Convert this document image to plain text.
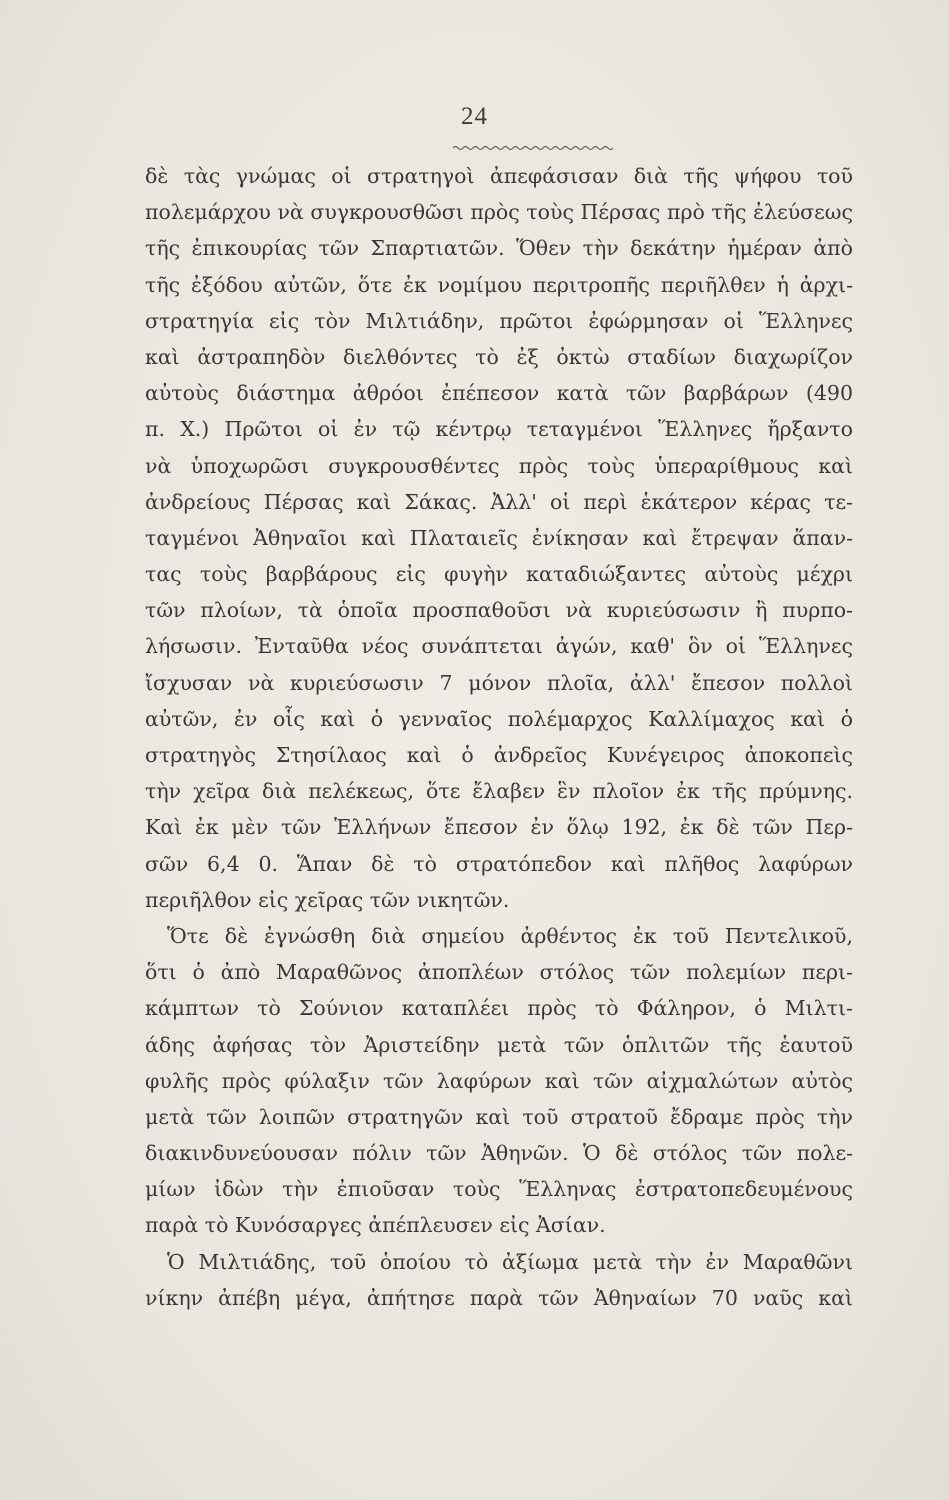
24
δὲ τὰς γνώμας οἱ στρατηγοὶ ἀπεφάσισαν διὰ τῆς ψήφου τοῦ
πολεμάρχου νὰ συγκρουσθῶσι πρὸς τοὺς Πέρσας πρὸ τῆς ἐλεύσεως
τῆς ἐπικουρίας τῶν Σπαρτιατῶν. Ὅθεν τὴν δεκάτην ἡμέραν ἀπὸ
τῆς ἐξόδου αὐτῶν, ὅτε ἐκ νομίμου περιτροπῆς περιῆλθεν ἡ ἀρχι-
στρατηγία εἰς τὸν Μιλτιάδην, πρῶτοι ἐφώρμησαν οἱ Ἕλληνες
καὶ ἀστραπηδὸν διελθόντες τὸ ἐξ ὀκτὼ σταδίων διαχωρίζον
αὐτοὺς διάστημα ἀθρόοι ἐπέπεσον κατὰ τῶν βαρβάρων (490
π. Χ.) Πρῶτοι οἱ ἐν τῷ κέντρῳ τεταγμένοι Ἕλληνες ἤρξαντο
νὰ ὑποχωρῶσι συγκρουσθέντες πρὸς τοὺς ὑπεραρίθμους καὶ
ἀνδρείους Πέρσας καὶ Σάκας. Ἀλλ' οἱ περὶ ἑκάτερον κέρας τε-
ταγμένοι Ἀθηναῖοι καὶ Πλαταιεῖς ἐνίκησαν καὶ ἔτρεψαν ἅπαν-
τας τοὺς βαρβάρους εἰς φυγὴν καταδιώξαντες αὐτοὺς μέχρι
τῶν πλοίων, τὰ ὁποῖα προσπαθοῦσι νὰ κυριεύσωσιν ἢ πυρπο-
λήσωσιν. Ἐνταῦθα νέος συνάπτεται ἀγών, καθ' ὃν οἱ Ἕλληνες
ἴσχυσαν νὰ κυριεύσωσιν 7 μόνον πλοῖα, ἀλλ' ἔπεσον πολλοὶ
αὐτῶν, ἐν οἷς καὶ ὁ γενναῖος πολέμαρχος Καλλίμαχος καὶ ὁ
στρατηγὸς Στησίλαος καὶ ὁ ἀνδρεῖος Κυνέγειρος ἀποκοπεὶς
τὴν χεῖρα διὰ πελέκεως, ὅτε ἔλαβεν ἓν πλοῖον ἐκ τῆς πρύμνης.
Καὶ ἐκ μὲν τῶν Ἑλλήνων ἔπεσον ἐν ὅλῳ 192, ἐκ δὲ τῶν Περ-
σῶν 6,4 0. Ἅπαν δὲ τὸ στρατόπεδον καὶ πλῆθος λαφύρων
περιῆλθον εἰς χεῖρας τῶν νικητῶν.
Ὅτε δὲ ἐγνώσθη διὰ σημείου ἀρθέντος ἐκ τοῦ Πεντελικοῦ,
ὅτι ὁ ἀπὸ Μαραθῶνος ἀποπλέων στόλος τῶν πολεμίων περι-
κάμπτων τὸ Σούνιον καταπλέει πρὸς τὸ Φάληρον, ὁ Μιλτι-
άδης ἀφήσας τὸν Ἀριστείδην μετὰ τῶν ὁπλιτῶν τῆς ἑαυτοῦ
φυλῆς πρὸς φύλαξιν τῶν λαφύρων καὶ τῶν αἰχμαλώτων αὐτὸς
μετὰ τῶν λοιπῶν στρατηγῶν καὶ τοῦ στρατοῦ ἔδραμε πρὸς τὴν
διακινδυνεύουσαν πόλιν τῶν Ἀθηνῶν. Ὁ δὲ στόλος τῶν πολε-
μίων ἰδὼν τὴν ἐπιοῦσαν τοὺς Ἕλληνας ἐστρατοπεδευμένους
παρὰ τὸ Κυνόσαργες ἀπέπλευσεν εἰς Ἀσίαν.
Ὁ Μιλτιάδης, τοῦ ὁποίου τὸ ἀξίωμα μετὰ τὴν ἐν Μαραθῶνι
νίκην ἀπέβη μέγα, ἀπήτησε παρὰ τῶν Ἀθηναίων 70 ναῦς καὶ
